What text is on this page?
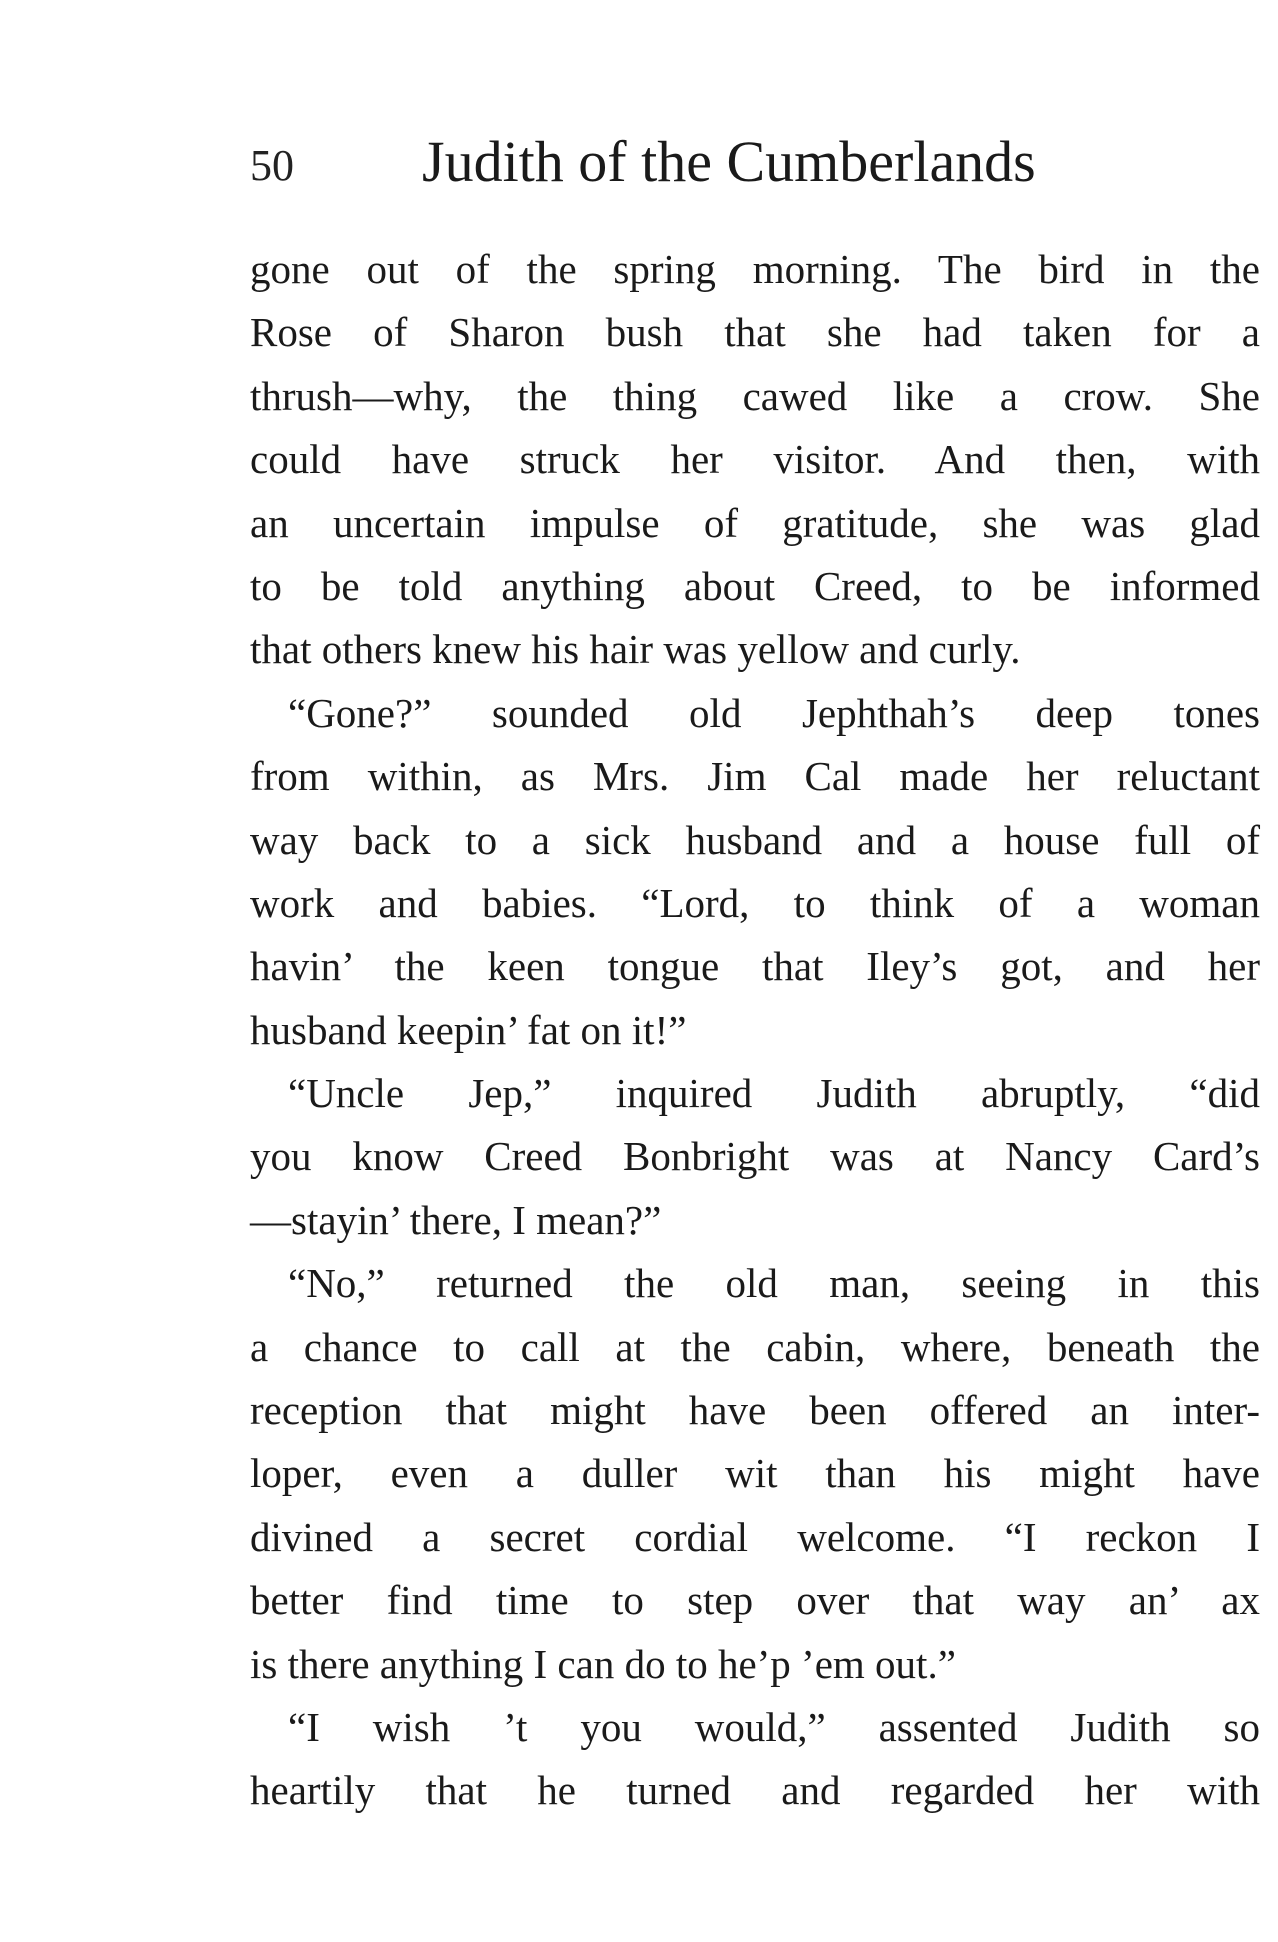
50 Judith of the Cumberlands
gone out of the spring morning. The bird in the
Rose of Sharon bush that she had taken for a
thrush—why, the thing cawed like a crow. She
could have struck her visitor. And then, with
an uncertain impulse of gratitude, she was glad
to be told anything about Creed, to be informed
that others knew his hair was yellow and curly.
“Gone?” sounded old Jephthah’s deep tones
from within, as Mrs. Jim Cal made her reluctant
way back to a sick husband and a house full of
work and babies. “Lord, to think of a woman
havin’ the keen tongue that Iley’s got, and her
husband keepin’ fat on it!”
“Uncle Jep,” inquired Judith abruptly, “did
you know Creed Bonbright was at Nancy Card’s
—stayin’ there, I mean?”
“No,” returned the old man, seeing in this
a chance to call at the cabin, where, beneath the
reception that might have been offered an inter-
loper, even a duller wit than his might have
divined a secret cordial welcome. “I reckon I
better find time to step over that way an’ ax
is there anything I can do to he’p ’em out.”
“I wish ’t you would,” assented Judith so
heartily that he turned and regarded her with
